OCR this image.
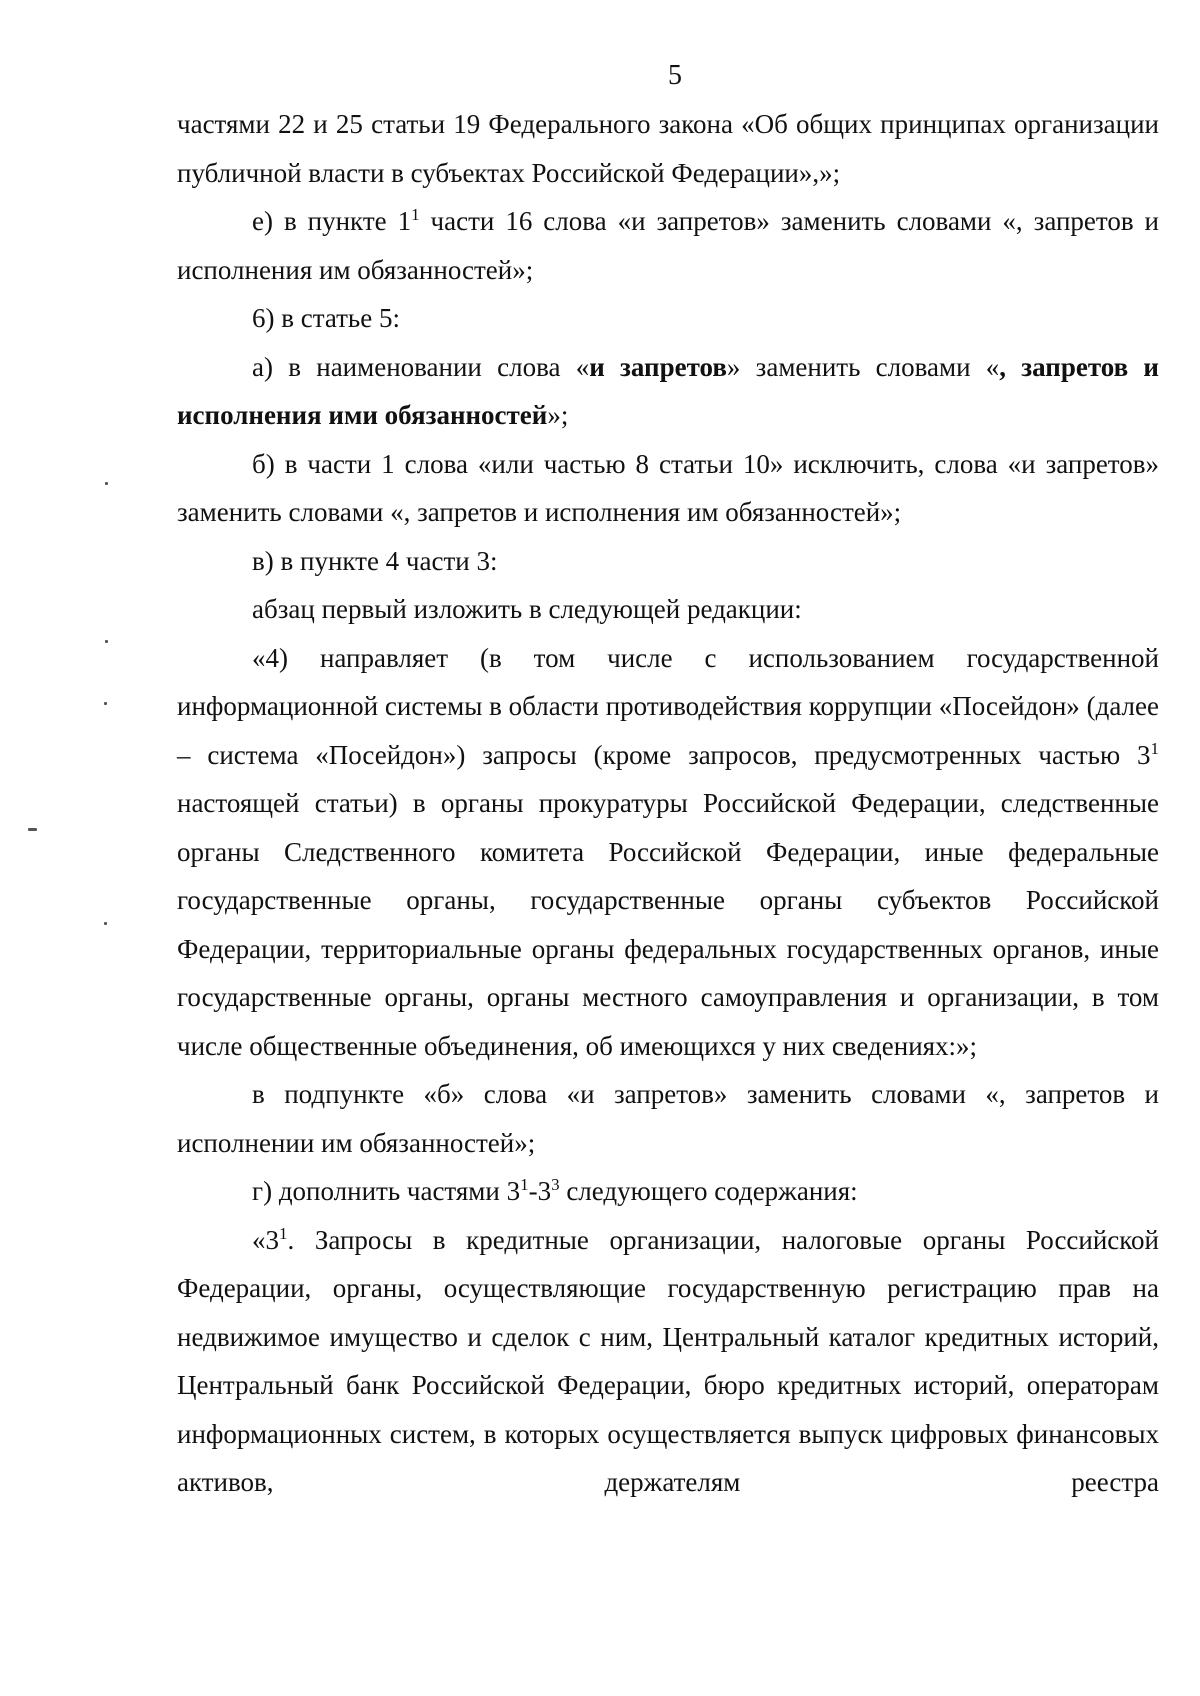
5

частями 22 и 25 статьи 19 Федерального закона «Об общих принципах организации публичной власти в субъектах Российской Федерации»,»;

е) в пункте $1^1$ части 16 слова «и запретов» заменить словами «, запретов и исполнения им обязанностей»;

6) в статье 5:

а) в наименовании слова «и запретов» заменить словами «, запретов и исполнения ими обязанностей»;

б) в части 1 слова «или частью 8 статьи 10» исключить, слова «и запретов» заменить словами «, запретов и исполнения им обязанностей»;

в) в пункте 4 части 3:

абзац первый изложить в следующей редакции:

«4) направляет (в том числе с использованием государственной информационной системы в области противодействия коррупции «Посейдон» (далее – система «Посейдон») запросы (кроме запросов, предусмотренных частью $3^1$ настоящей статьи) в органы прокуратуры Российской Федерации, следственные органы Следственного комитета Российской Федерации, иные федеральные государственные органы, государственные органы субъектов Российской Федерации, территориальные органы федеральных государственных органов, иные государственные органы, органы местного самоуправления и организации, в том числе общественные объединения, об имеющихся у них сведениях:»;

в подпункте «б» слова «и запретов» заменить словами «, запретов и исполнении им обязанностей»;

г) дополнить частями $3^1-3^3$ следующего содержания:

«$3^1$. Запросы в кредитные организации, налоговые органы Российской Федерации, органы, осуществляющие государственную регистрацию прав на недвижимое имущество и сделок с ним, Центральный каталог кредитных историй, Центральный банк Российской Федерации, бюро кредитных историй, операторам информационных систем, в которых осуществляется выпуск цифровых финансовых активов, держателям реестра
